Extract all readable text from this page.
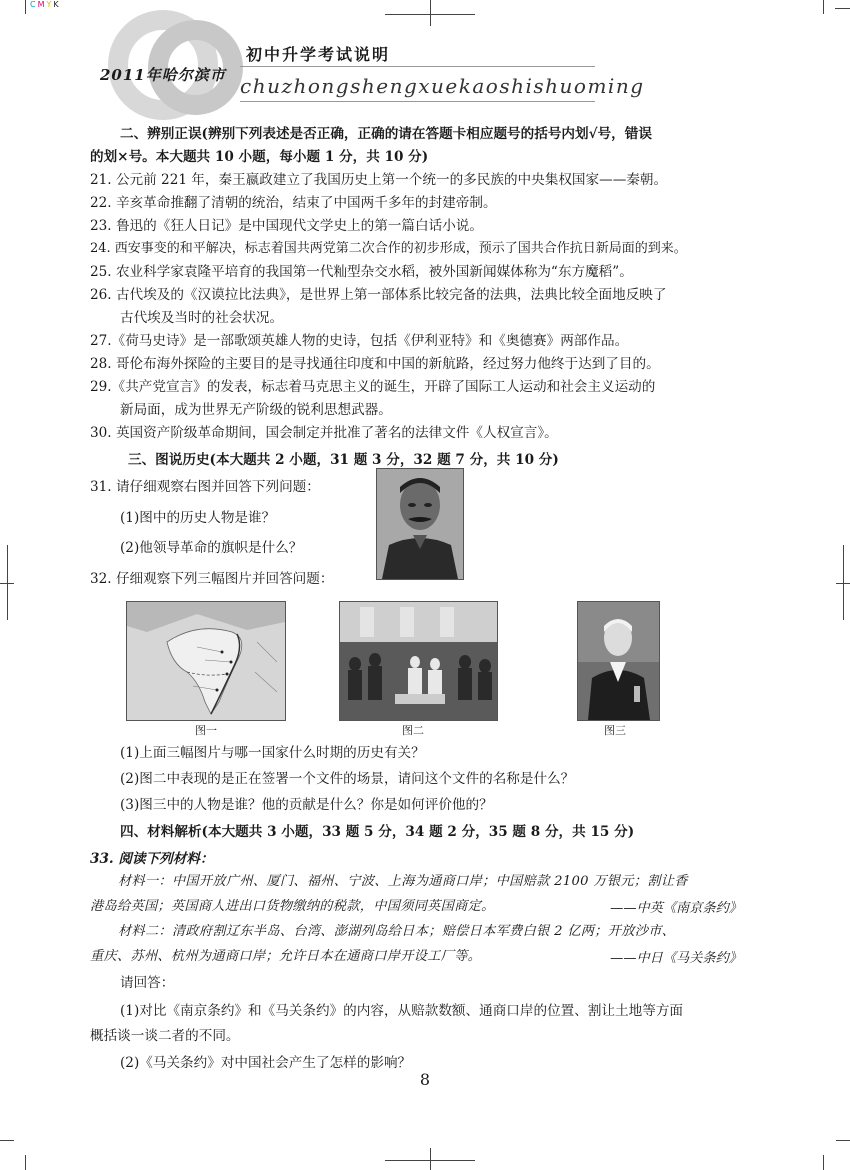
CMYK
2011年哈尔滨市
初中升学考试说明
chuzhongshengxuekaoshishuoming
二、辨别正误(辨别下列表述是否正确，正确的请在答题卡相应题号的括号内划√号，错误
的划×号。本大题共 10 小题，每小题 1 分，共 10 分)
21. 公元前 221 年，秦王嬴政建立了我国历史上第一个统一的多民族的中央集权国家——秦朝。
22. 辛亥革命推翻了清朝的统治，结束了中国两千多年的封建帝制。
23. 鲁迅的《狂人日记》是中国现代文学史上的第一篇白话小说。
24. 西安事变的和平解决，标志着国共两党第二次合作的初步形成，预示了国共合作抗日新局面的到来。
25. 农业科学家袁隆平培育的我国第一代籼型杂交水稻，被外国新闻媒体称为“东方魔稻”。
26. 古代埃及的《汉谟拉比法典》，是世界上第一部体系比较完备的法典，法典比较全面地反映了
古代埃及当时的社会状况。
27.《荷马史诗》是一部歌颂英雄人物的史诗，包括《伊利亚特》和《奥德赛》两部作品。
28. 哥伦布海外探险的主要目的是寻找通往印度和中国的新航路，经过努力他终于达到了目的。
29.《共产党宣言》的发表，标志着马克思主义的诞生，开辟了国际工人运动和社会主义运动的
新局面，成为世界无产阶级的锐利思想武器。
30. 英国资产阶级革命期间，国会制定并批准了著名的法律文件《人权宣言》。
三、图说历史(本大题共 2 小题，31 题 3 分，32 题 7 分，共 10 分)
31. 请仔细观察右图并回答下列问题：
(1)图中的历史人物是谁？
(2)他领导革命的旗帜是什么？
32. 仔细观察下列三幅图片并回答问题：
图一	图二	图三
(1)上面三幅图片与哪一国家什么时期的历史有关？
(2)图二中表现的是正在签署一个文件的场景，请问这个文件的名称是什么？
(3)图三中的人物是谁？他的贡献是什么？你是如何评价他的？
四、材料解析(本大题共 3 小题，33 题 5 分，34 题 2 分，35 题 8 分，共 15 分)
33. 阅读下列材料：
材料一：中国开放广州、厦门、福州、宁波、上海为通商口岸；中国赔款 2100 万银元；割让香
港岛给英国；英国商人进出口货物缴纳的税款，中国须同英国商定。	——中英《南京条约》
材料二：清政府割辽东半岛、台湾、澎湖列岛给日本；赔偿日本军费白银 2 亿两；开放沙市、
重庆、苏州、杭州为通商口岸；允许日本在通商口岸开设工厂等。	——中日《马关条约》
请回答：
(1)对比《南京条约》和《马关条约》的内容，从赔款数额、通商口岸的位置、割让土地等方面
概括谈一谈二者的不同。
(2)《马关条约》对中国社会产生了怎样的影响？
8
